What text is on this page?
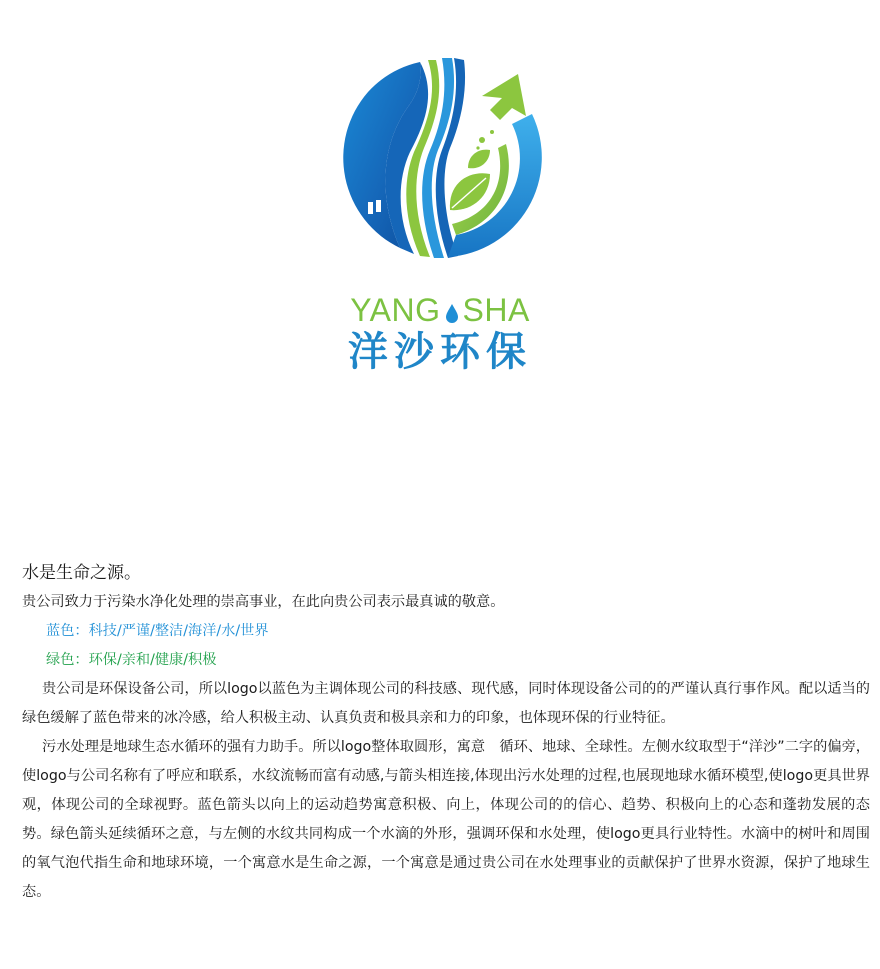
YANG SHA
洋沙环保

水是生命之源。

贵公司致力于污染水净化处理的崇高事业，在此向贵公司表示最真诚的敬意。

蓝色：科技/严谨/整洁/海洋/水/世界

绿色：环保/亲和/健康/积极

贵公司是环保设备公司，所以logo以蓝色为主调体现公司的科技感、现代感，同时体现设备公司的的严谨认真行事作风。配以适当的绿色缓解了蓝色带来的冰冷感，给人积极主动、认真负责和极具亲和力的印象，也体现环保的行业特征。

污水处理是地球生态水循环的强有力助手。所以logo整体取圆形，寓意　循环、地球、全球性。左侧水纹取型于“洋沙”二字的偏旁，使logo与公司名称有了呼应和联系，水纹流畅而富有动感,与箭头相连接,体现出污水处理的过程,也展现地球水循环模型,使logo更具世界观，体现公司的全球视野。蓝色箭头以向上的运动趋势寓意积极、向上，体现公司的的信心、趋势、积极向上的心态和蓬勃发展的态势。绿色箭头延续循环之意，与左侧的水纹共同构成一个水滴的外形，强调环保和水处理，使logo更具行业特性。水滴中的树叶和周围的氧气泡代指生命和地球环境，一个寓意水是生命之源，一个寓意是通过贵公司在水处理事业的贡献保护了世界水资源，保护了地球生态。
